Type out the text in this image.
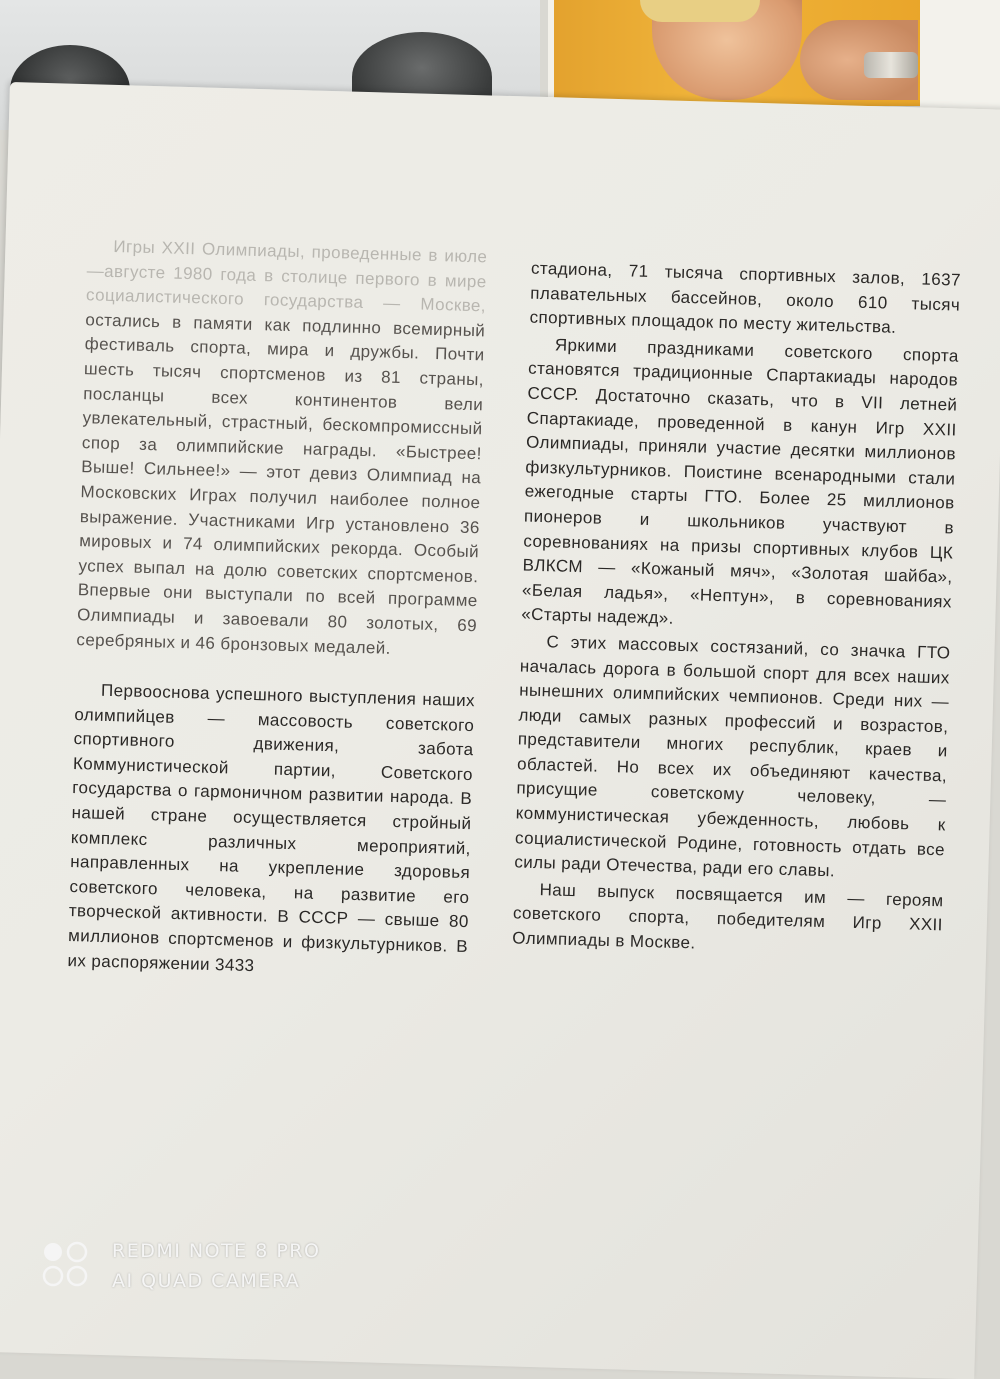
Игры XXII Олимпиады, проведенные в июле—августе 1980 года в столице первого в мире социалистического государства — Москве, остались в памяти как подлинно всемирный фестиваль спорта, мира и дружбы. Почти шесть тысяч спортсменов из 81 страны, посланцы всех континентов вели увлекательный, страстный, бескомпромиссный спор за олимпийские награды. «Быстрее! Выше! Сильнее!» — этот девиз Олимпиад на Московских Играх получил наиболее полное выражение. Участниками Игр установлено 36 мировых и 74 олимпийских рекорда. Особый успех выпал на долю советских спортсменов. Впервые они выступали по всей программе Олимпиады и завоевали 80 золотых, 69 серебряных и 46 бронзовых медалей.

Первооснова успешного выступления наших олимпийцев — массовость советского спортивного движения, забота Коммунистической партии, Советского государства о гармоничном развитии народа. В нашей стране осуществляется стройный комплекс различных мероприятий, направленных на укрепление здоровья советского человека, на развитие его творческой активности. В СССР — свыше 80 миллионов спортсменов и физкультурников. В их распоряжении 3433

стадиона, 71 тысяча спортивных залов, 1637 плавательных бассейнов, около 610 тысяч спортивных площадок по месту жительства.

Яркими праздниками советского спорта становятся традиционные Спартакиады народов СССР. Достаточно сказать, что в VII летней Спартакиаде, проведенной в канун Игр XXII Олимпиады, приняли участие десятки миллионов физкультурников. Поистине всенародными стали ежегодные старты ГТО. Более 25 миллионов пионеров и школьников участвуют в соревнованиях на призы спортивных клубов ЦК ВЛКСМ — «Кожаный мяч», «Золотая шайба», «Белая ладья», «Нептун», в соревнованиях «Старты надежд».

С этих массовых состязаний, со значка ГТО началась дорога в большой спорт для всех наших нынешних олимпийских чемпионов. Среди них — люди самых разных профессий и возрастов, представители многих республик, краев и областей. Но всех их объединяют качества, присущие советскому человеку, — коммунистическая убежденность, любовь к социалистической Родине, готовность отдать все силы ради Отечества, ради его славы.

Наш выпуск посвящается им — героям советского спорта, победителям Игр XXII Олимпиады в Москве.

REDMI NOTE 8 PRO
AI QUAD CAMERA
